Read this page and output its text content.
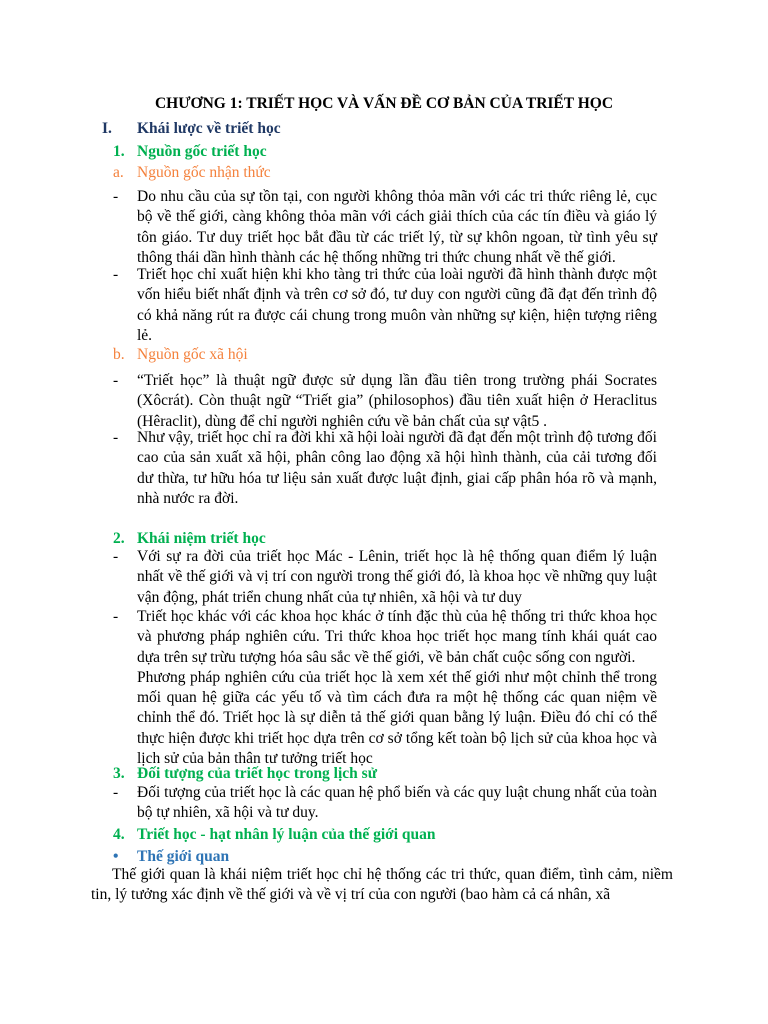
CHƯƠNG 1: TRIẾT HỌC VÀ VẤN ĐỀ CƠ BẢN CỦA TRIẾT HỌC
I. Khái lược về triết học
1. Nguồn gốc triết học
a. Nguồn gốc nhận thức
- Do nhu cầu của sự tồn tại, con người không thỏa mãn với các tri thức riêng lẻ, cục bộ về thế giới, càng không thỏa mãn với cách giải thích của các tín điều và giáo lý tôn giáo. Tư duy triết học bắt đầu từ các triết lý, từ sự khôn ngoan, từ tình yêu sự thông thái dần hình thành các hệ thống những tri thức chung nhất về thế giới.

- Triết học chỉ xuất hiện khi kho tàng tri thức của loài người đã hình thành được một vốn hiểu biết nhất định và trên cơ sở đó, tư duy con người cũng đã đạt đến trình độ có khả năng rút ra được cái chung trong muôn vàn những sự kiện, hiện tượng riêng lẻ.

b. Nguồn gốc xã hội
- “Triết học” là thuật ngữ được sử dụng lần đầu tiên trong trường phái Socrates (Xôcrát). Còn thuật ngữ “Triết gia” (philosophos) đầu tiên xuất hiện ở Heraclitus (Hêraclit), dùng để chỉ người nghiên cứu về bản chất của sự vật5 .

- Như vậy, triết học chỉ ra đời khi xã hội loài người đã đạt đến một trình độ tương đối cao của sản xuất xã hội, phân công lao động xã hội hình thành, của cải tương đối dư thừa, tư hữu hóa tư liệu sản xuất được luật định, giai cấp phân hóa rõ và mạnh, nhà nước ra đời.

2. Khái niệm triết học
- Với sự ra đời của triết học Mác - Lênin, triết học là hệ thống quan điểm lý luận nhất về thế giới và vị trí con người trong thế giới đó, là khoa học về những quy luật vận động, phát triển chung nhất của tự nhiên, xã hội và tư duy

- Triết học khác với các khoa học khác ở tính đặc thù của hệ thống tri thức khoa học và phương pháp nghiên cứu. Tri thức khoa học triết học mang tính khái quát cao dựa trên sự trừu tượng hóa sâu sắc về thế giới, về bản chất cuộc sống con người.

Phương pháp nghiên cứu của triết học là xem xét thế giới như một chỉnh thể trong mối quan hệ giữa các yếu tố và tìm cách đưa ra một hệ thống các quan niệm về chỉnh thể đó. Triết học là sự diễn tả thế giới quan bằng lý luận. Điều đó chỉ có thể thực hiện được khi triết học dựa trên cơ sở tổng kết toàn bộ lịch sử của khoa học và lịch sử của bản thân tư tưởng triết học

3. Đối tượng của triết học trong lịch sử
- Đối tượng của triết học là các quan hệ phổ biến và các quy luật chung nhất của toàn bộ tự nhiên, xã hội và tư duy.

4. Triết học - hạt nhân lý luận của thế giới quan
• Thế giới quan

Thế giới quan là khái niệm triết học chỉ hệ thống các tri thức, quan điểm, tình cảm, niềm tin, lý tưởng xác định về thế giới và về vị trí của con người (bao hàm cả cá nhân, xã
